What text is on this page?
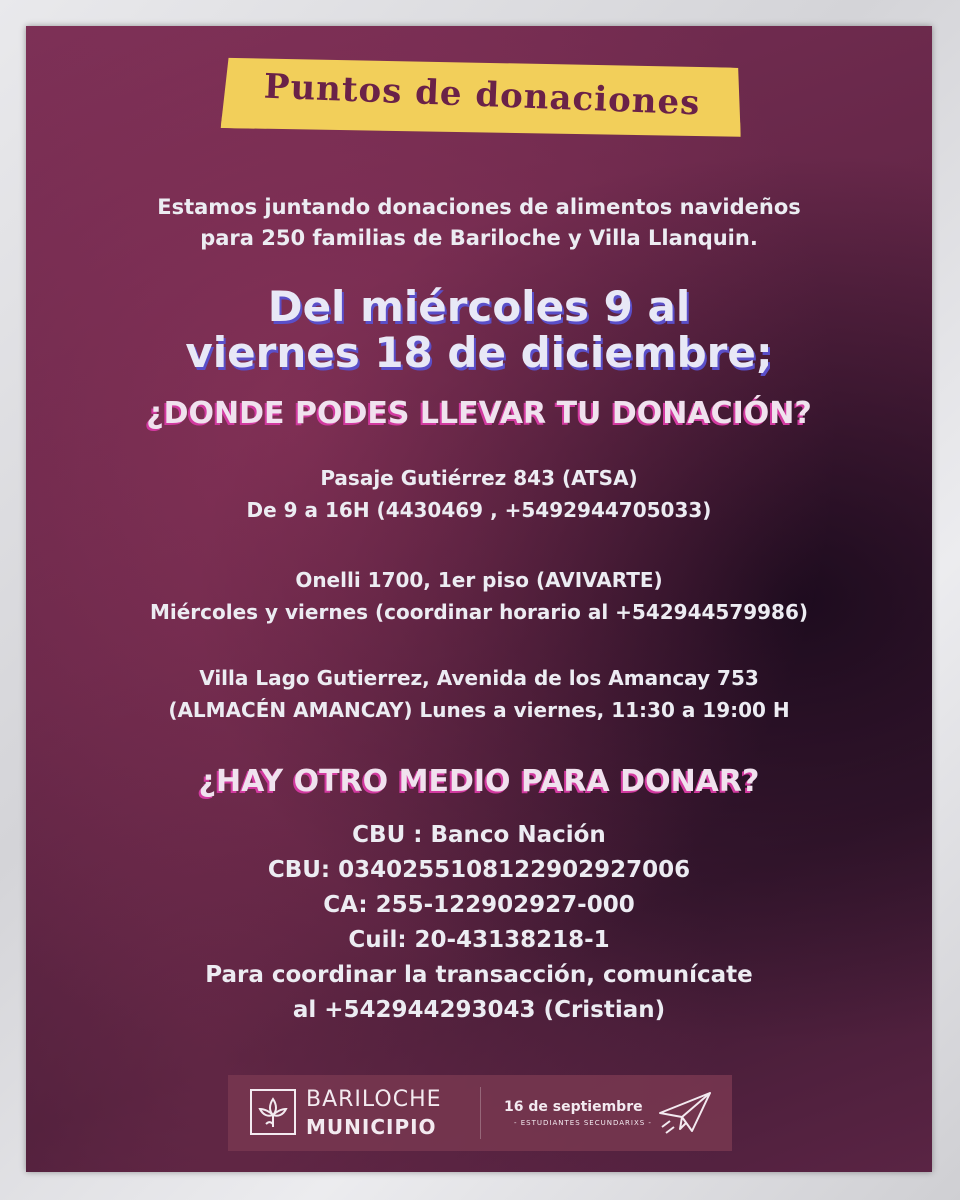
Puntos de donaciones
Estamos juntando donaciones de alimentos navideños
para 250 familias de Bariloche y Villa Llanquin.
Del miércoles 9 al
viernes 18 de diciembre;
¿DONDE PODES LLEVAR TU DONACIÓN?
Pasaje Gutiérrez 843 (ATSA)
De 9 a 16H (4430469 , +5492944705033)
Onelli 1700, 1er piso (AVIVARTE)
Miércoles y viernes (coordinar horario al +542944579986)
Villa Lago Gutierrez, Avenida de los Amancay 753
(ALMACÉN AMANCAY) Lunes a viernes, 11:30 a 19:00 H
¿HAY OTRO MEDIO PARA DONAR?
CBU : Banco Nación
CBU: 0340255108122902927006
CA: 255-122902927-000
Cuil: 20-43138218-1
Para coordinar la transacción, comunícate
al +542944293043 (Cristian)
BARILOCHE
MUNICIPIO
16 de septiembre
- ESTUDIANTES SECUNDARIXS -
